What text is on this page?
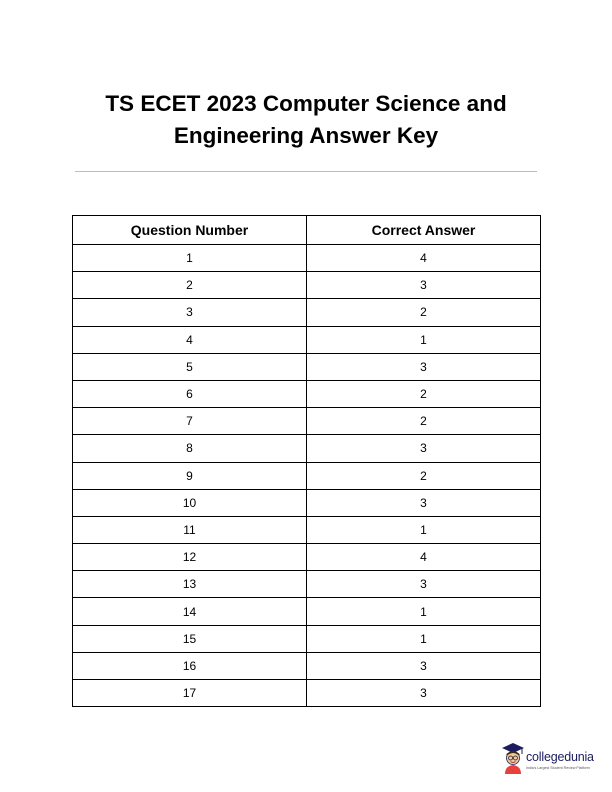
TS ECET 2023 Computer Science and
Engineering Answer Key
Question Number	Correct Answer
1	4
2	3
3	2
4	1
5	3
6	2
7	2
8	3
9	2
10	3
11	1
12	4
13	3
14	1
15	1
16	3
17	3
collegedunia
India's Largest Student Review Platform
